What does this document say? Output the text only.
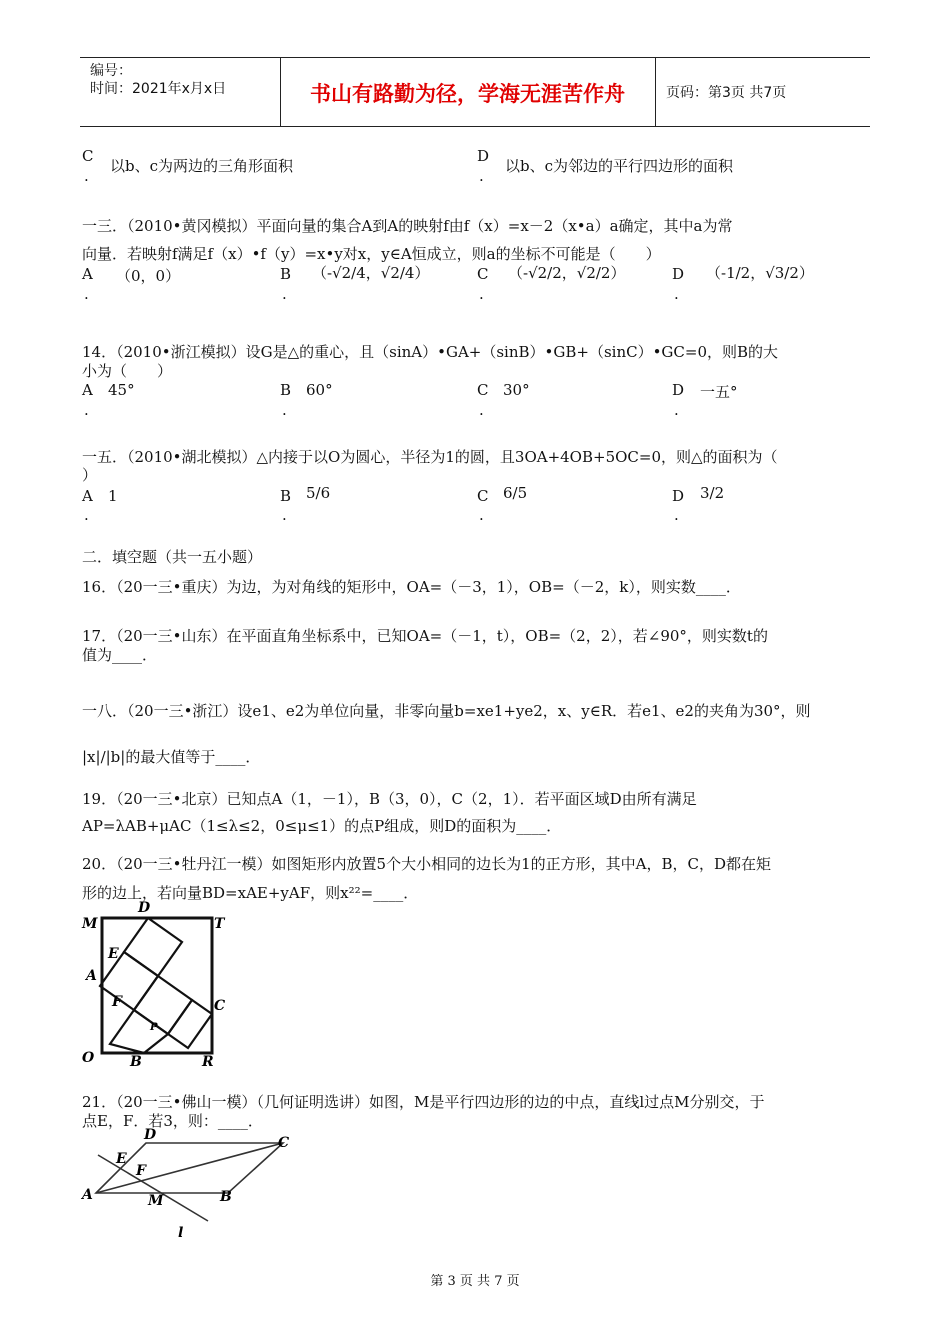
编号：
时间：2021年x月x日	书山有路勤为径，学海无涯苦作舟	页码：第3页 共7页
C
.
以b、c为两边的三角形面积
D
.
以b、c为邻边的平行四边形的面积
一三．（2010•黄冈模拟）平面向量的集合A到A的映射f由f（x）=x－2（x•a）a确定，其中a为常
向量．若映射f满足f（x）•f（y）=x•y对x，y∈A恒成立，则a的坐标不可能是（　　）
A （0，0）
.
B
.
（-√2/4，√2/4）	C
.
（-√2/2，√2/2）	D
.
（-1/2，√3/2）
14．（2010•浙江模拟）设G是△的重心，且（sinA）•GA+（sinB）•GB+（sinC）•GC=0，则B的大
小为（　　）
A 45°
.
B 60°
.
C 30°
.
D 一五°
.
一五．（2010•湖北模拟）△内接于以O为圆心，半径为1的圆，且3OA+4OB+5OC=0，则△的面积为（
）
A 1
.
B 5/6
.
C 6/5
.
D 3/2
.
二．填空题（共一五小题）
16．（20一三•重庆）为边，为对角线的矩形中，OA=（－3，1），OB=（－2，k），则实数____．
17．（20一三•山东）在平面直角坐标系中，已知OA=（－1，t），OB=（2，2），若∠90°，则实数t的
值为____．
一八．（20一三•浙江）设e1、e2为单位向量，非零向量b=xe1+ye2，x、y∈R．若e1、e2的夹角为30°，则
|x|/|b|的最大值等于____．
19．（20一三•北京）已知点A（1，－1），B（3，0），C（2，1）．若平面区域D由所有满足
AP=λAB+μAC（1≤λ≤2，0≤μ≤1）的点P组成，则D的面积为____．
20．（20一三•牡丹江一模）如图矩形内放置5个大小相同的边长为1的正方形，其中A，B，C，D都在矩
形的边上，若向量BD=xAE+yAF，则x²²=____．
D
M	T
E
A
F	C
P
O	B	R
21．（20一三•佛山一模）（几何证明选讲）如图，M是平行四边形的边的中点，直线l过点M分别交，于
点E，F．若3，则：____．
D	C
E
F
A	M	B
l
第 3 页 共 7 页
